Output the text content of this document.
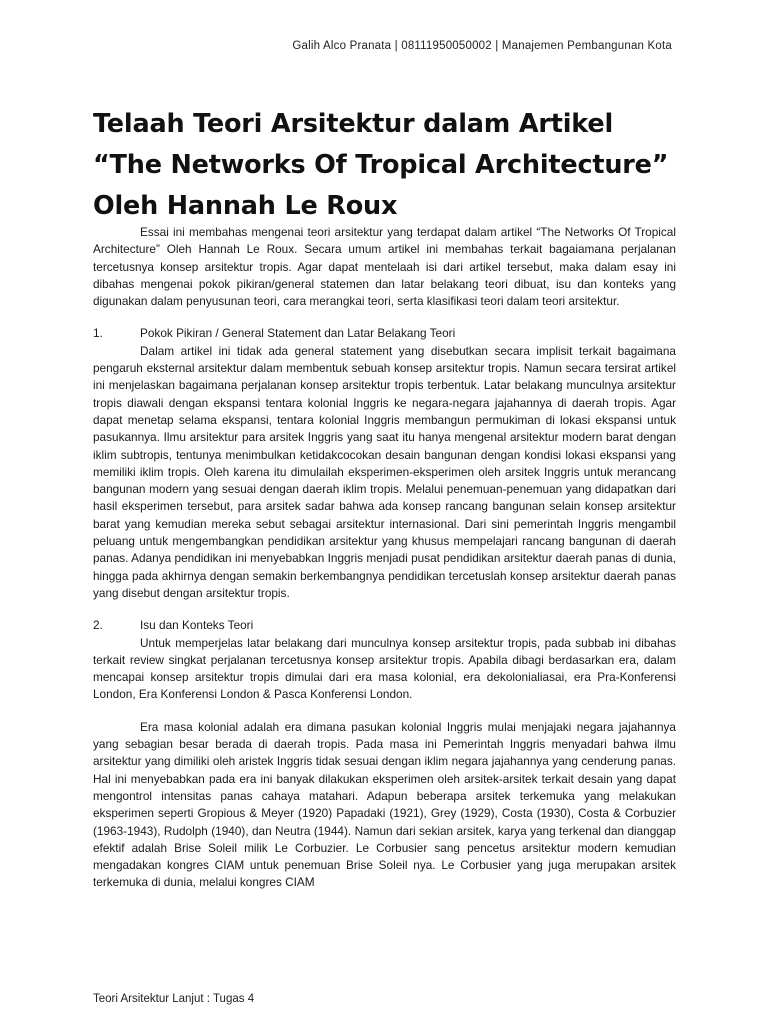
Galih Alco Pranata | 08111950050002 | Manajemen Pembangunan Kota
Telaah Teori Arsitektur dalam Artikel
“The Networks Of Tropical Architecture”
Oleh Hannah Le Roux

Essai ini membahas mengenai teori arsitektur yang terdapat dalam artikel “The Networks Of Tropical Architecture” Oleh Hannah Le Roux. Secara umum artikel ini membahas terkait bagaiamana perjalanan tercetusnya konsep arsitektur tropis. Agar dapat mentelaah isi dari artikel tersebut, maka dalam esay ini dibahas mengenai pokok pikiran/general statemen dan latar belakang teori dibuat, isu dan konteks yang digunakan dalam penyusunan teori, cara merangkai teori, serta klasifikasi teori dalam teori arsitektur.

1.	Pokok Pikiran / General Statement dan Latar Belakang Teori

Dalam artikel ini tidak ada general statement yang disebutkan secara implisit terkait bagaimana pengaruh eksternal arsitektur dalam membentuk sebuah konsep arsitektur tropis. Namun secara tersirat artikel ini menjelaskan bagaimana perjalanan konsep arsitektur tropis terbentuk. Latar belakang munculnya arsitektur tropis diawali dengan ekspansi tentara kolonial Inggris ke negara-negara jajahannya di daerah tropis. Agar dapat menetap selama ekspansi, tentara kolonial Inggris membangun permukiman di lokasi ekspansi untuk pasukannya. Ilmu arsitektur para arsitek Inggris yang saat itu hanya mengenal arsitektur modern barat dengan iklim subtropis, tentunya menimbulkan ketidakcocokan desain bangunan dengan kondisi lokasi ekspansi yang memiliki iklim tropis. Oleh karena itu dimulailah eksperimen-eksperimen oleh arsitek Inggris untuk merancang bangunan modern yang sesuai dengan daerah iklim tropis. Melalui penemuan-penemuan yang didapatkan dari hasil eksperimen tersebut, para arsitek sadar bahwa ada konsep rancang bangunan selain konsep arsitektur barat yang kemudian mereka sebut sebagai arsitektur internasional. Dari sini pemerintah Inggris mengambil peluang untuk mengembangkan pendidikan arsitektur yang khusus mempelajari rancang bangunan di daerah panas. Adanya pendidikan ini menyebabkan Inggris menjadi pusat pendidikan arsitektur daerah panas di dunia, hingga pada akhirnya dengan semakin berkembangnya pendidikan tercetuslah konsep arsitektur daerah panas yang disebut dengan arsitektur tropis.

2.	Isu dan Konteks Teori

Untuk memperjelas latar belakang dari munculnya konsep arsitektur tropis, pada subbab ini dibahas terkait review singkat perjalanan tercetusnya konsep arsitektur tropis. Apabila dibagi berdasarkan era, dalam mencapai konsep arsitektur tropis dimulai dari era masa kolonial, era dekolonialiasai, era Pra-Konferensi London, Era Konferensi London & Pasca Konferensi London.

Era masa kolonial adalah era dimana pasukan kolonial Inggris mulai menjajaki negara jajahannya yang sebagian besar berada di daerah tropis. Pada masa ini Pemerintah Inggris menyadari bahwa ilmu arsitektur yang dimiliki oleh aristek Inggris tidak sesuai dengan iklim negara jajahannya yang cenderung panas. Hal ini menyebabkan pada era ini banyak dilakukan eksperimen oleh arsitek-arsitek terkait desain yang dapat mengontrol intensitas panas cahaya matahari. Adapun beberapa arsitek terkemuka yang melakukan eksperimen seperti Gropious & Meyer (1920) Papadaki (1921), Grey (1929), Costa (1930), Costa & Corbuzier (1963-1943), Rudolph (1940), dan Neutra (1944). Namun dari sekian arsitek, karya yang terkenal dan dianggap efektif adalah Brise Soleil milik Le Corbuzier. Le Corbusier sang pencetus arsitektur modern kemudian mengadakan kongres CIAM untuk penemuan Brise Soleil nya. Le Corbusier yang juga merupakan arsitek terkemuka di dunia, melalui kongres CIAM

Teori Arsitektur Lanjut : Tugas 4
